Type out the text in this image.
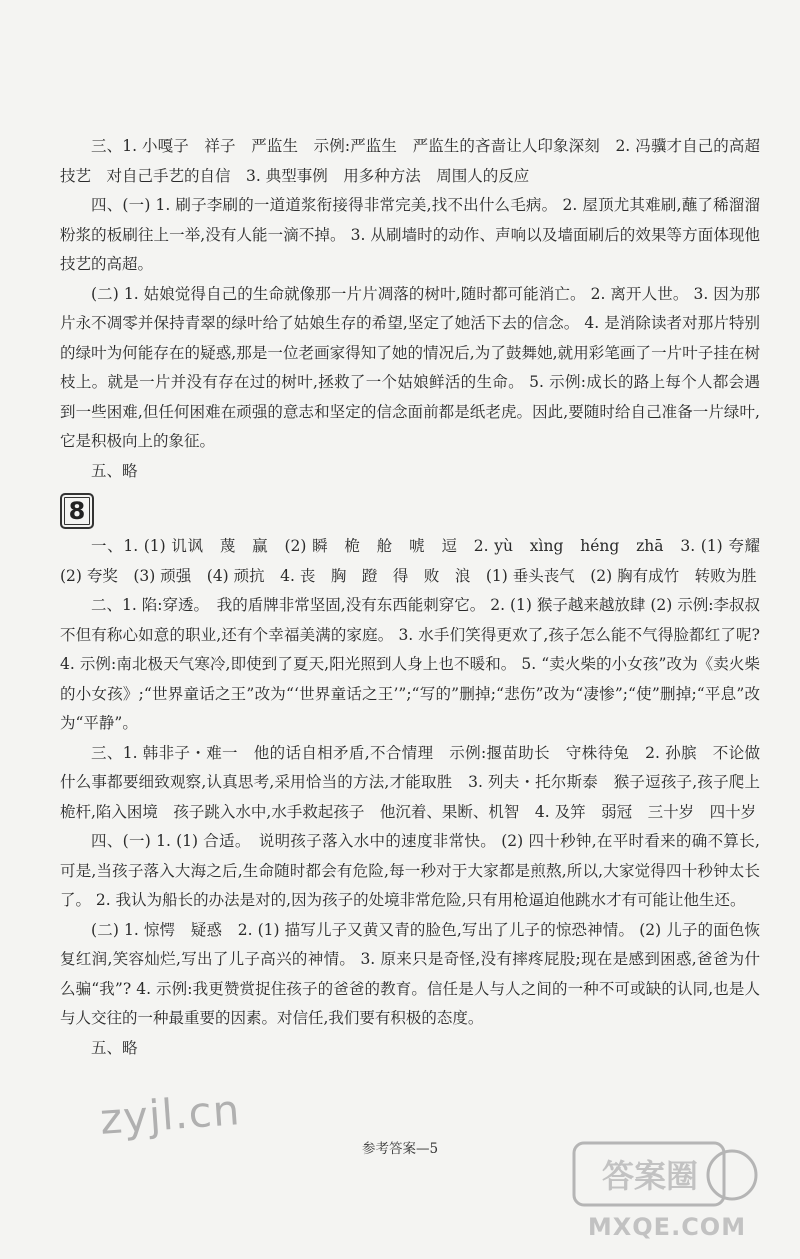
三、1. 小嘎子　祥子　严监生　示例:严监生　严监生的吝啬让人印象深刻　2. 冯骥才自己的高超技艺　对自己手艺的自信　3. 典型事例　用多种方法　周围人的反应

四、(一) 1. 刷子李刷的一道道浆衔接得非常完美,找不出什么毛病。 2. 屋顶尤其难刷,蘸了稀溜溜粉浆的板刷往上一举,没有人能一滴不掉。 3. 从刷墙时的动作、声响以及墙面刷后的效果等方面体现他技艺的高超。

(二) 1. 姑娘觉得自己的生命就像那一片片凋落的树叶,随时都可能消亡。 2. 离开人世。 3. 因为那片永不凋零并保持青翠的绿叶给了姑娘生存的希望,坚定了她活下去的信念。 4. 是消除读者对那片特别的绿叶为何能存在的疑惑,那是一位老画家得知了她的情况后,为了鼓舞她,就用彩笔画了一片叶子挂在树枝上。就是一片并没有存在过的树叶,拯救了一个姑娘鲜活的生命。 5. 示例:成长的路上每个人都会遇到一些困难,但任何困难在顽强的意志和坚定的信念面前都是纸老虎。因此,要随时给自己准备一片绿叶,它是积极向上的象征。

五、略

8

一、1. (1) 讥讽　蔑　赢　(2) 瞬　桅　舱　唬　逗　2. yù　xìng　héng　zhā　3. (1) 夸耀　(2) 夸奖　(3) 顽强　(4) 顽抗　4. 丧　胸　蹬　得　败　浪　(1) 垂头丧气　(2) 胸有成竹　转败为胜

二、1. 陷:穿透。　我的盾牌非常坚固,没有东西能刺穿它。 2. (1) 猴子越来越放肆 (2) 示例:李叔叔不但有称心如意的职业,还有个幸福美满的家庭。 3. 水手们笑得更欢了,孩子怎么能不气得脸都红了呢? 4. 示例:南北极天气寒冷,即使到了夏天,阳光照到人身上也不暖和。 5. “卖火柴的小女孩”改为《卖火柴的小女孩》;“世界童话之王”改为“‘世界童话之王’”;“写的”删掉;“悲伤”改为“凄惨”;“使”删掉;“平息”改为“平静”。

三、1. 韩非子・难一　他的话自相矛盾,不合情理　示例:揠苗助长　守株待兔　2. 孙膑　不论做什么事都要细致观察,认真思考,采用恰当的方法,才能取胜　3. 列夫・托尔斯泰　猴子逗孩子,孩子爬上桅杆,陷入困境　孩子跳入水中,水手救起孩子　他沉着、果断、机智　4. 及笄　弱冠　三十岁　四十岁

四、(一) 1. (1) 合适。　说明孩子落入水中的速度非常快。 (2) 四十秒钟,在平时看来的确不算长,可是,当孩子落入大海之后,生命随时都会有危险,每一秒对于大家都是煎熬,所以,大家觉得四十秒钟太长了。 2. 我认为船长的办法是对的,因为孩子的处境非常危险,只有用枪逼迫他跳水才有可能让他生还。

(二) 1. 惊愕　疑惑　2. (1) 描写儿子又黄又青的脸色,写出了儿子的惊恐神情。 (2) 儿子的面色恢复红润,笑容灿烂,写出了儿子高兴的神情。 3. 原来只是奇怪,没有摔疼屁股;现在是感到困惑,爸爸为什么骗“我”? 4. 示例:我更赞赏捉住孩子的爸爸的教育。信任是人与人之间的一种不可或缺的认同,也是人与人交往的一种最重要的因素。对信任,我们要有积极的态度。

五、略

zyjl.cn
参考答案—5
答案圈
MXQE.COM
